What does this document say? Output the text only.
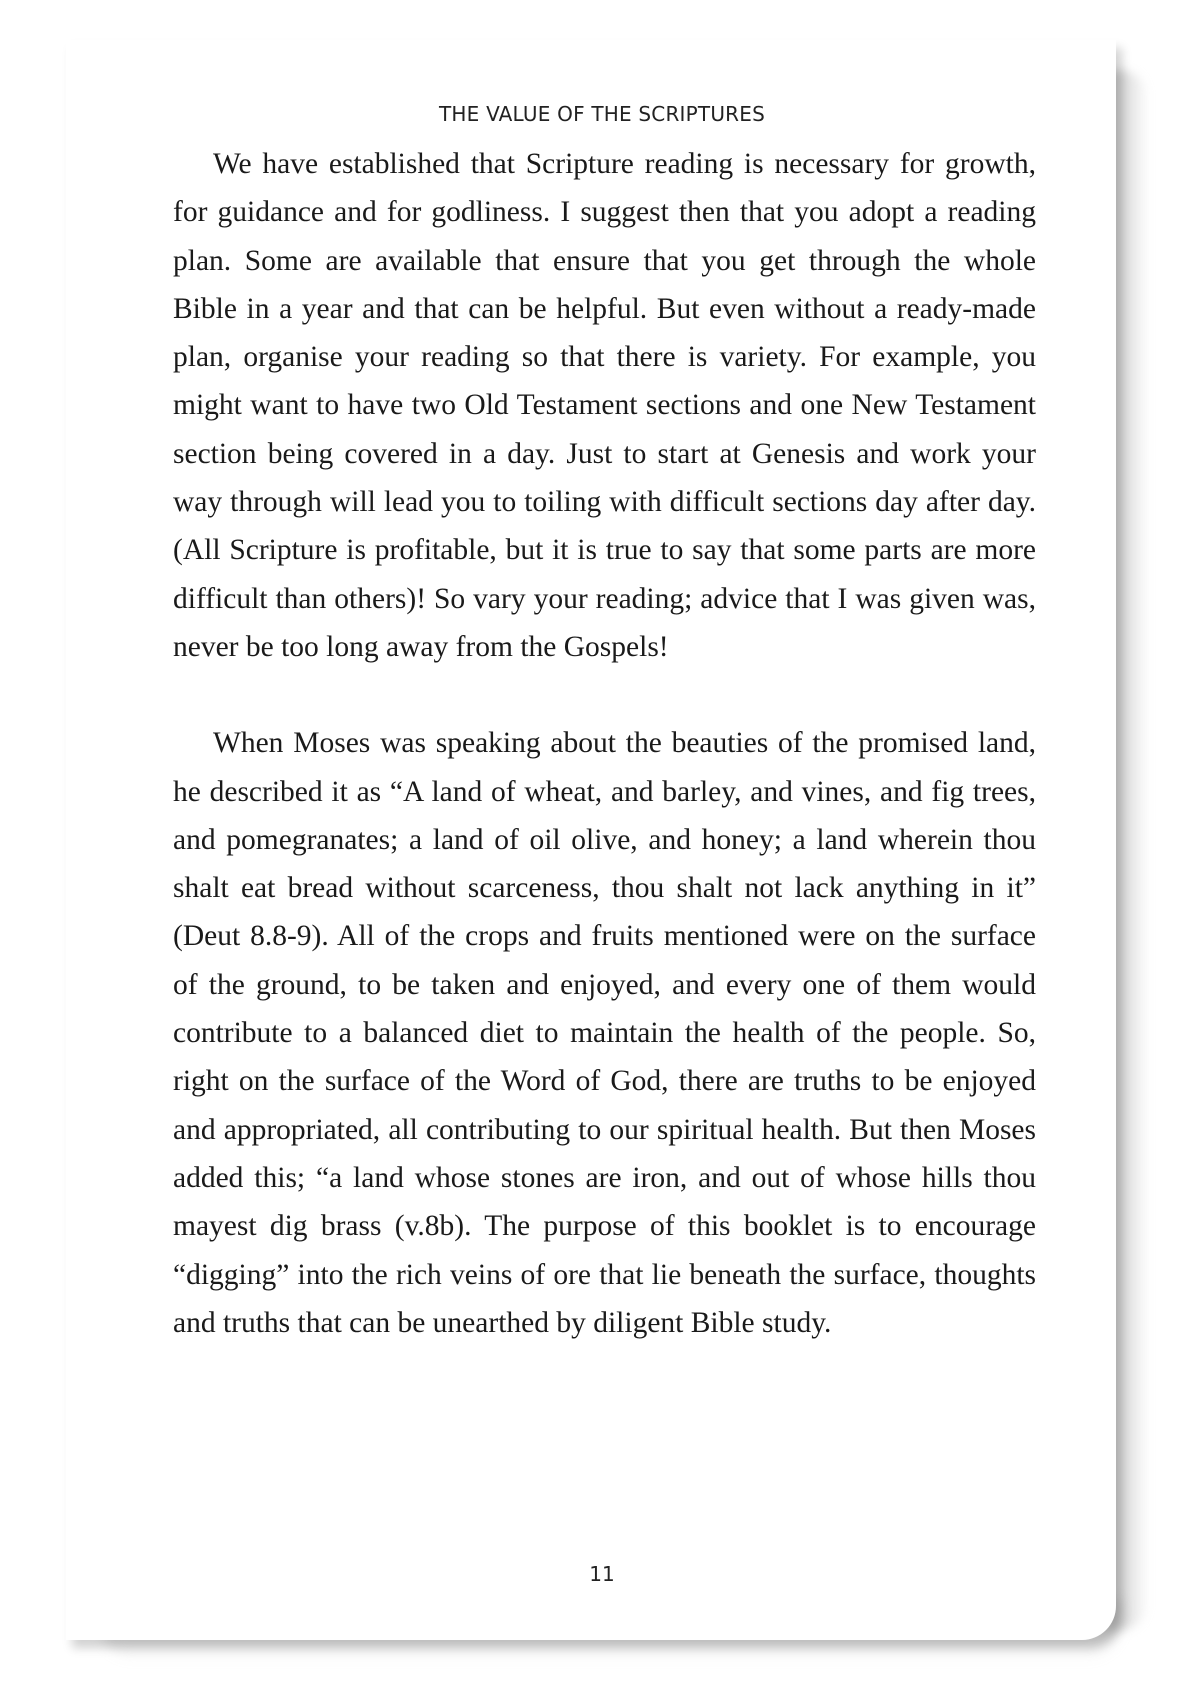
THE VALUE OF THE SCRIPTURES

We have established that Scripture reading is necessary for growth, for guidance and for godliness. I suggest then that you adopt a reading plan. Some are available that ensure that you get through the whole Bible in a year and that can be helpful. But even without a ready-made plan, organise your reading so that there is variety. For example, you might want to have two Old Testament sections and one New Testament section being covered in a day. Just to start at Genesis and work your way through will lead you to toiling with difficult sections day after day. (All Scripture is profitable, but it is true to say that some parts are more difficult than others)! So vary your reading; advice that I was given was, never be too long away from the Gospels!

When Moses was speaking about the beauties of the promised land, he described it as “A land of wheat, and barley, and vines, and fig trees, and pomegranates; a land of oil olive, and honey; a land wherein thou shalt eat bread without scarceness, thou shalt not lack anything in it” (Deut 8.8-9). All of the crops and fruits mentioned were on the surface of the ground, to be taken and enjoyed, and every one of them would contribute to a balanced diet to maintain the health of the people. So, right on the surface of the Word of God, there are truths to be enjoyed and appropriated, all contributing to our spiritual health. But then Moses added this; “a land whose stones are iron, and out of whose hills thou mayest dig brass (v.8b). The purpose of this booklet is to encourage “digging” into the rich veins of ore that lie beneath the surface, thoughts and truths that can be unearthed by diligent Bible study.

11
